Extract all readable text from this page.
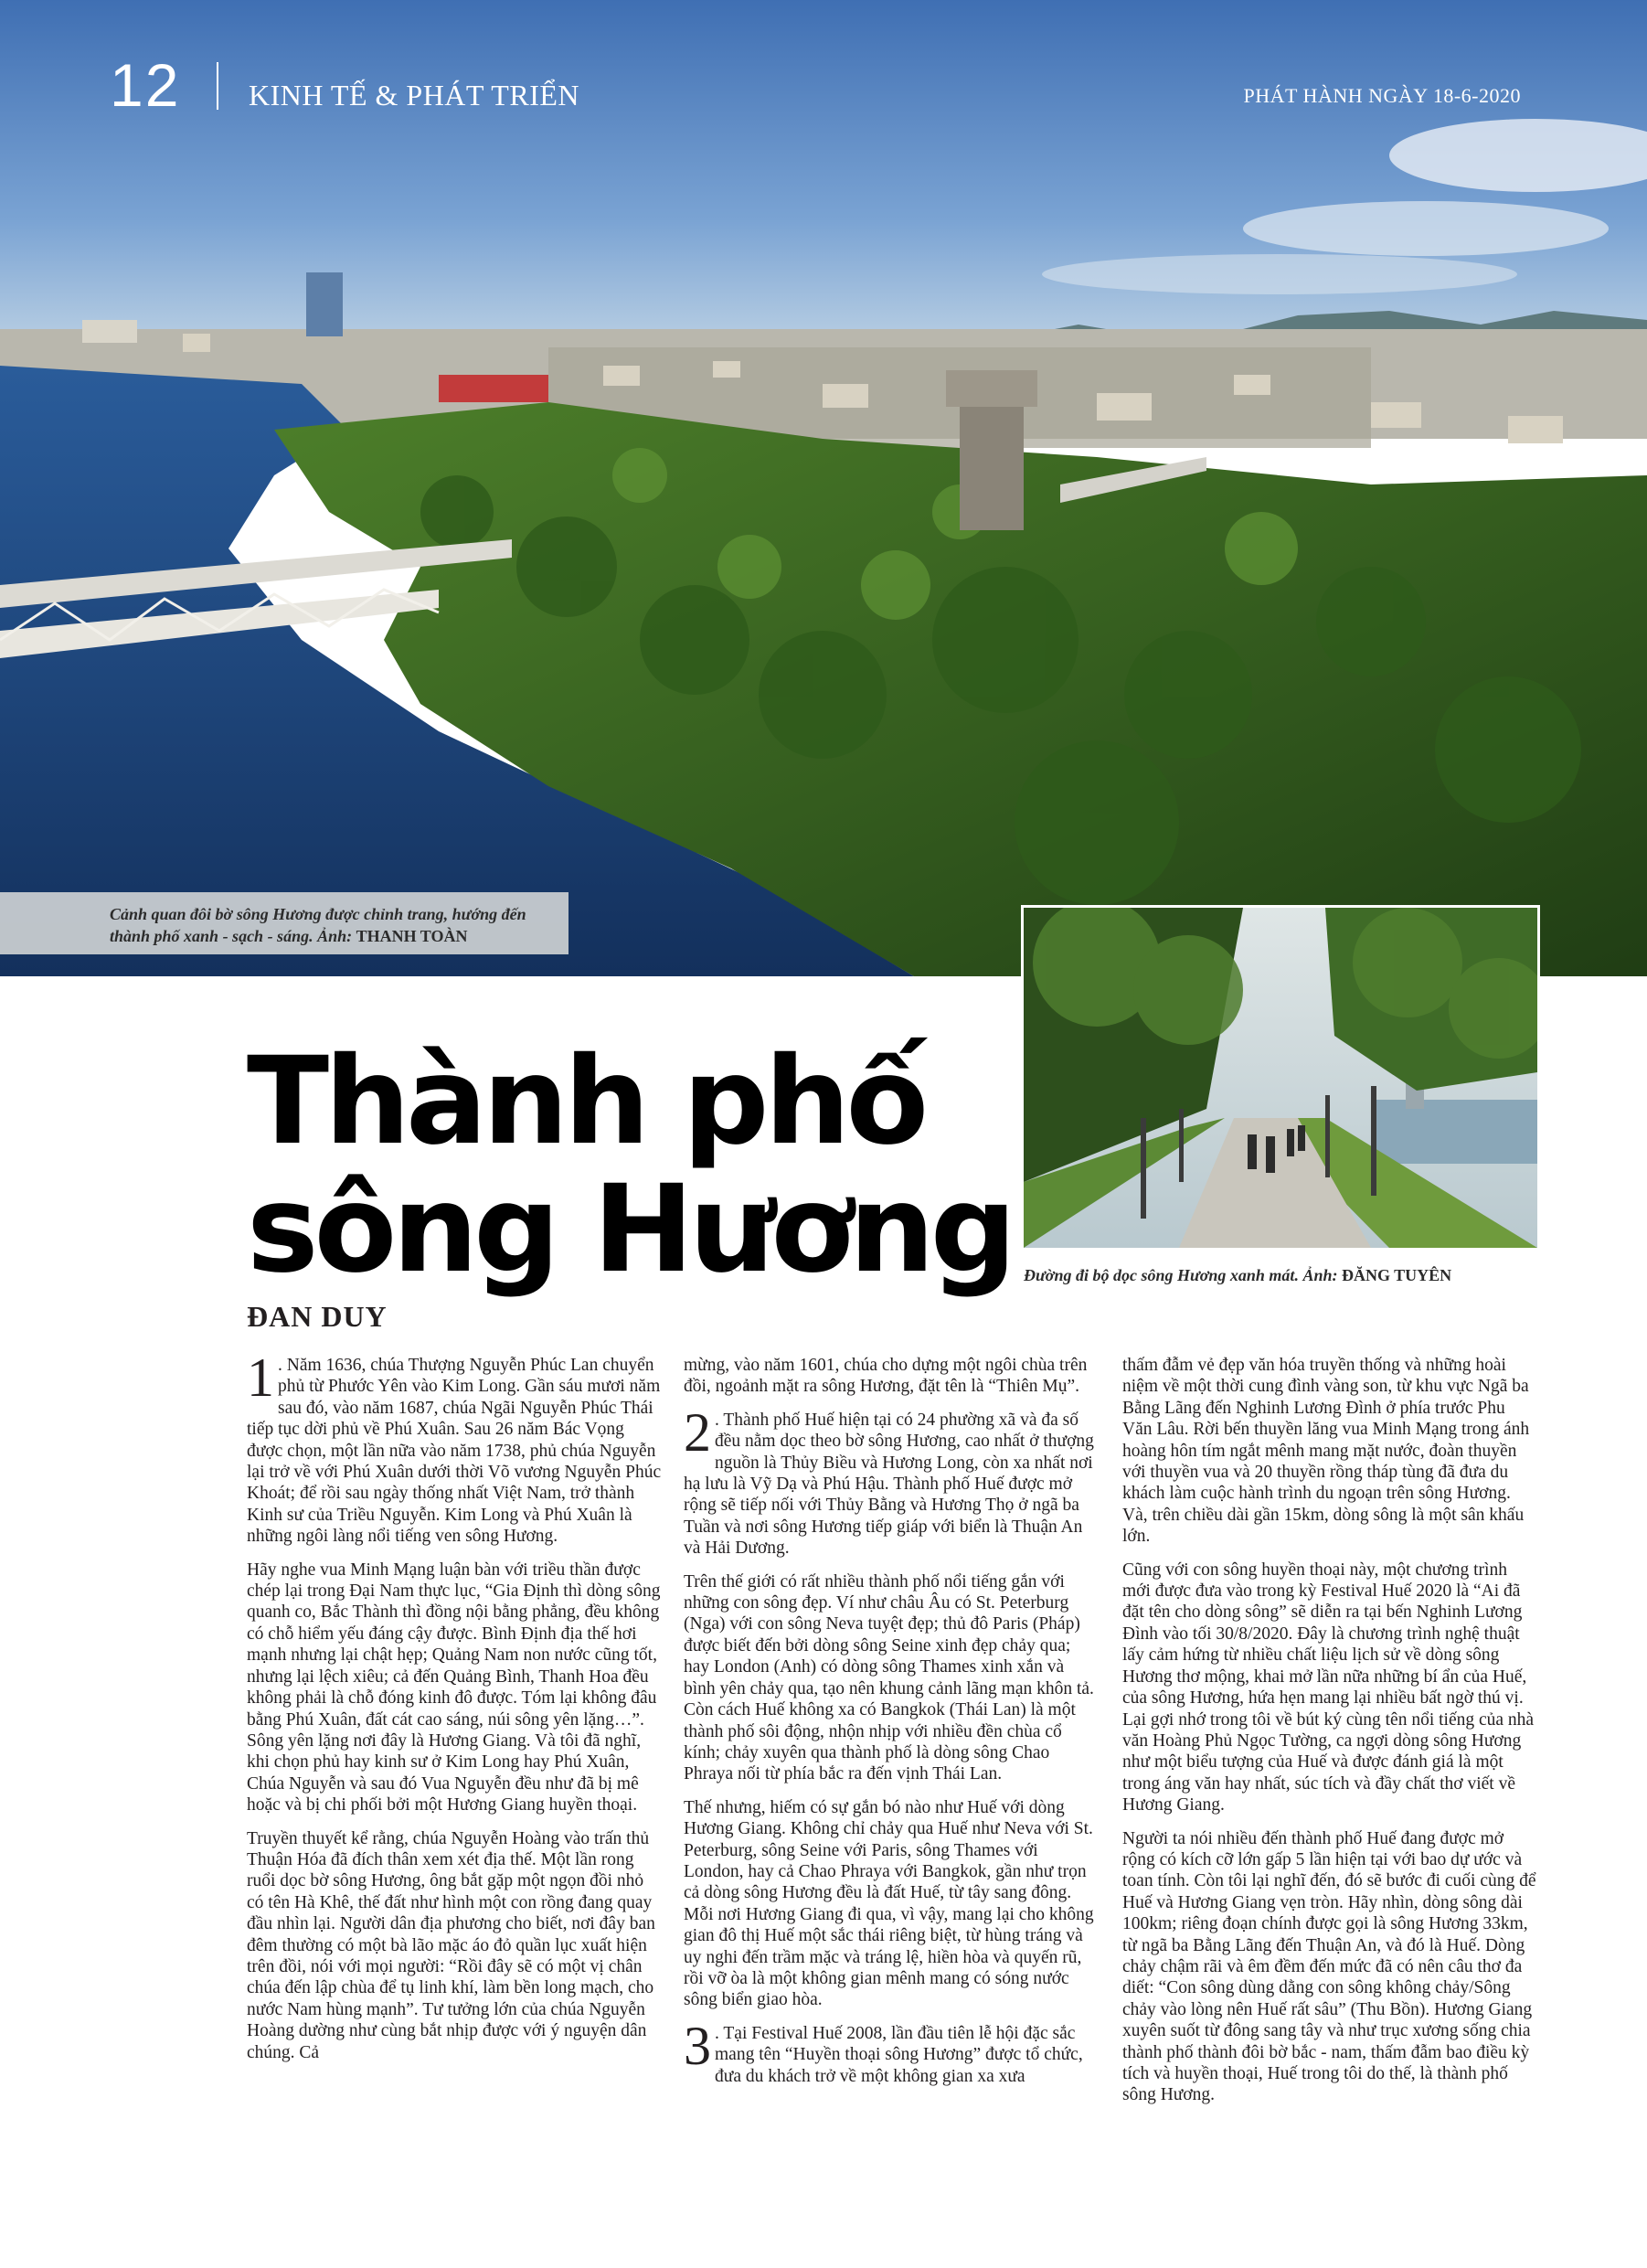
12 KINH TẾ & PHÁT TRIỂN	PHÁT HÀNH NGÀY 18-6-2020
Cảnh quan đôi bờ sông Hương được chỉnh trang, hướng đến thành phố xanh - sạch - sáng. Ảnh: THANH TOÀN
Đường đi bộ dọc sông Hương xanh mát. Ảnh: ĐĂNG TUYÊN
Thành phố
sông Hương
ĐAN DUY

1 . Năm 1636, chúa Thượng Nguyễn Phúc Lan chuyển phủ từ Phước Yên vào Kim Long. Gần sáu mươi năm sau đó, vào năm 1687, chúa Ngãi Nguyễn Phúc Thái tiếp tục dời phủ về Phú Xuân. Sau 26 năm Bác Vọng được chọn, một lần nữa vào năm 1738, phủ chúa Nguyễn lại trở về với Phú Xuân dưới thời Võ vương Nguyễn Phúc Khoát; để rồi sau ngày thống nhất Việt Nam, trở thành Kinh sư của Triều Nguyễn. Kim Long và Phú Xuân là những ngôi làng nổi tiếng ven sông Hương.

Hãy nghe vua Minh Mạng luận bàn với triều thần được chép lại trong Đại Nam thực lục, “Gia Định thì dòng sông quanh co, Bắc Thành thì đồng nội bằng phẳng, đều không có chỗ hiểm yếu đáng cậy được. Bình Định địa thế hơi mạnh nhưng lại chật hẹp; Quảng Nam non nước cũng tốt, nhưng lại lệch xiêu; cả đến Quảng Bình, Thanh Hoa đều không phải là chỗ đóng kinh đô được. Tóm lại không đâu bằng Phú Xuân, đất cát cao sáng, núi sông yên lặng…”. Sông yên lặng nơi đây là Hương Giang. Và tôi đã nghĩ, khi chọn phủ hay kinh sư ở Kim Long hay Phú Xuân, Chúa Nguyễn và sau đó Vua Nguyễn đều như đã bị mê hoặc và bị chi phối bởi một Hương Giang huyền thoại.

Truyền thuyết kể rằng, chúa Nguyễn Hoàng vào trấn thủ Thuận Hóa đã đích thân xem xét địa thế. Một lần rong ruổi dọc bờ sông Hương, ông bắt gặp một ngọn đồi nhỏ có tên Hà Khê, thế đất như hình một con rồng đang quay đầu nhìn lại. Người dân địa phương cho biết, nơi đây ban đêm thường có một bà lão mặc áo đỏ quần lục xuất hiện trên đồi, nói với mọi người: “Rồi đây sẽ có một vị chân chúa đến lập chùa để tụ linh khí, làm bền long mạch, cho nước Nam hùng mạnh”. Tư tưởng lớn của chúa Nguyễn Hoàng dường như cùng bắt nhịp được với ý nguyện dân chúng. Cả

mừng, vào năm 1601, chúa cho dựng một ngôi chùa trên đồi, ngoảnh mặt ra sông Hương, đặt tên là “Thiên Mụ”.

2 . Thành phố Huế hiện tại có 24 phường xã và đa số đều nằm dọc theo bờ sông Hương, cao nhất ở thượng nguồn là Thủy Biều và Hương Long, còn xa nhất nơi hạ lưu là Vỹ Dạ và Phú Hậu. Thành phố Huế được mở rộng sẽ tiếp nối với Thủy Bằng và Hương Thọ ở ngã ba Tuần và nơi sông Hương tiếp giáp với biển là Thuận An và Hải Dương.

Trên thế giới có rất nhiều thành phố nổi tiếng gắn với những con sông đẹp. Ví như châu Âu có St. Peterburg (Nga) với con sông Neva tuyệt đẹp; thủ đô Paris (Pháp) được biết đến bởi dòng sông Seine xinh đẹp chảy qua; hay London (Anh) có dòng sông Thames xinh xắn và bình yên chảy qua, tạo nên khung cảnh lãng mạn khôn tả. Còn cách Huế không xa có Bangkok (Thái Lan) là một thành phố sôi động, nhộn nhịp với nhiều đền chùa cổ kính; chảy xuyên qua thành phố là dòng sông Chao Phraya nối từ phía bắc ra đến vịnh Thái Lan.

Thế nhưng, hiếm có sự gắn bó nào như Huế với dòng Hương Giang. Không chỉ chảy qua Huế như Neva với St. Peterburg, sông Seine với Paris, sông Thames với London, hay cả Chao Phraya với Bangkok, gần như trọn cả dòng sông Hương đều là đất Huế, từ tây sang đông. Mỗi nơi Hương Giang đi qua, vì vậy, mang lại cho không gian đô thị Huế một sắc thái riêng biệt, từ hùng tráng và uy nghi đến trầm mặc và tráng lệ, hiền hòa và quyến rũ, rồi vỡ òa là một không gian mênh mang có sóng nước sông biển giao hòa.

3 . Tại Festival Huế 2008, lần đầu tiên lễ hội đặc sắc mang tên “Huyền thoại sông Hương” được tổ chức, đưa du khách trở về một không gian xa xưa

thấm đẫm vẻ đẹp văn hóa truyền thống và những hoài niệm về một thời cung đình vàng son, từ khu vực Ngã ba Bằng Lãng đến Nghinh Lương Đình ở phía trước Phu Văn Lâu. Rời bến thuyền lăng vua Minh Mạng trong ánh hoàng hôn tím ngắt mênh mang mặt nước, đoàn thuyền với thuyền vua và 20 thuyền rồng tháp tùng đã đưa du khách làm cuộc hành trình du ngoạn trên sông Hương. Và, trên chiều dài gần 15km, dòng sông là một sân khấu lớn.

Cũng với con sông huyền thoại này, một chương trình mới được đưa vào trong kỳ Festival Huế 2020 là “Ai đã đặt tên cho dòng sông” sẽ diễn ra tại bến Nghinh Lương Đình vào tối 30/8/2020. Đây là chương trình nghệ thuật lấy cảm hứng từ nhiều chất liệu lịch sử về dòng sông Hương thơ mộng, khai mở lần nữa những bí ẩn của Huế, của sông Hương, hứa hẹn mang lại nhiều bất ngờ thú vị. Lại gợi nhớ trong tôi về bút ký cùng tên nổi tiếng của nhà văn Hoàng Phủ Ngọc Tường, ca ngợi dòng sông Hương như một biểu tượng của Huế và được đánh giá là một trong áng văn hay nhất, súc tích và đầy chất thơ viết về Hương Giang.

Người ta nói nhiều đến thành phố Huế đang được mở rộng có kích cỡ lớn gấp 5 lần hiện tại với bao dự ước và toan tính. Còn tôi lại nghĩ đến, đó sẽ bước đi cuối cùng để Huế và Hương Giang vẹn tròn. Hãy nhìn, dòng sông dài 100km; riêng đoạn chính được gọi là sông Hương 33km, từ ngã ba Bằng Lãng đến Thuận An, và đó là Huế. Dòng chảy chậm rãi và êm đềm đến mức đã có nên câu thơ đa diết: “Con sông dùng dằng con sông không chảy/Sông chảy vào lòng nên Huế rất sâu” (Thu Bồn). Hương Giang xuyên suốt từ đông sang tây và như trục xương sống chia thành phố thành đôi bờ bắc - nam, thấm đẫm bao điều kỳ tích và huyền thoại, Huế trong tôi do thế, là thành phố sông Hương.
